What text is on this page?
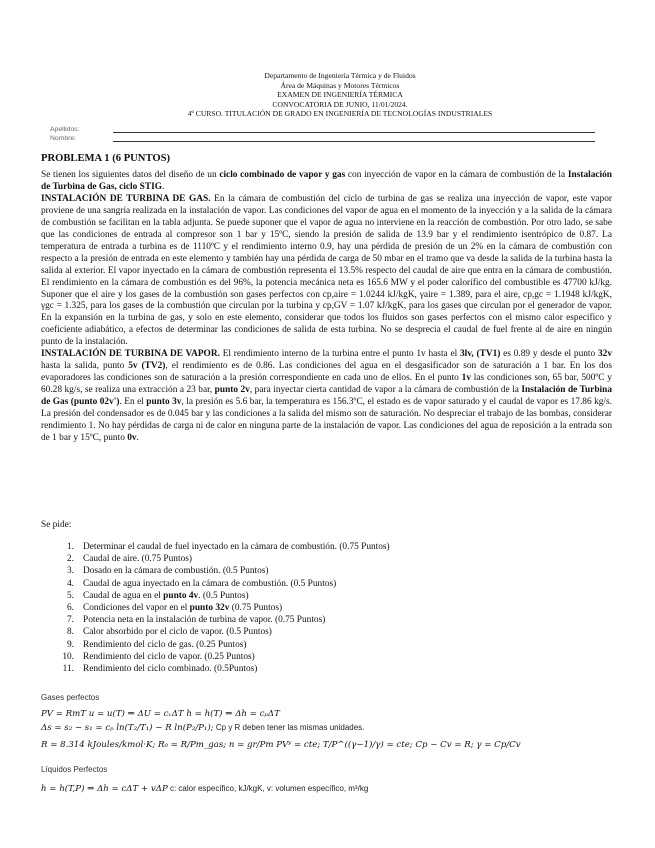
Departamento de Ingeniería Térmica y de Fluidos
Área de Máquinas y Motores Térmicos
EXAMEN DE INGENIERÍA TÉRMICA
CONVOCATORIA DE JUNIO, 11/01/2024.
4º CURSO. TITULACIÓN DE GRADO EN INGENIERÍA DE TECNOLOGÍAS INDUSTRIALES
Apellidos:
Nombre:
PROBLEMA 1 (6 PUNTOS)

Se tienen los siguientes datos del diseño de un ciclo combinado de vapor y gas con inyección de vapor en la cámara de combustión de la Instalación de Turbina de Gas, ciclo STIG.

INSTALACIÓN DE TURBINA DE GAS. En la cámara de combustión del ciclo de turbina de gas se realiza una inyección de vapor, este vapor proviene de una sangría realizada en la instalación de vapor. Las condiciones del vapor de agua en el momento de la inyección y a la salida de la cámara de combustión se facilitan en la tabla adjunta. Se puede suponer que el vapor de agua no interviene en la reacción de combustión. Por otro lado, se sabe que las condiciones de entrada al compresor son 1 bar y 15ºC, siendo la presión de salida de 13.9 bar y el rendimiento isentrópico de 0.87. La temperatura de entrada a turbina es de 1110ºC y el rendimiento interno 0.9, hay una pérdida de presión de un 2% en la cámara de combustión con respecto a la presión de entrada en este elemento y también hay una pérdida de carga de 50 mbar en el tramo que va desde la salida de la turbina hasta la salida al exterior. El vapor inyectado en la cámara de combustión representa el 13.5% respecto del caudal de aire que entra en la cámara de combustión. El rendimiento en la cámara de combustión es del 96%, la potencia mecánica neta es 165.6 MW y el poder calorífico del combustible es 47700 kJ/kg. Suponer que el aire y los gases de la combustión son gases perfectos con cp,aire = 1.0244 kJ/kgK, γaire = 1.389, para el aire, cp,gc = 1.1948 kJ/kgK, γgc = 1.325, para los gases de la combustión que circulan por la turbina y cp,GV = 1.07 kJ/kgK, para los gases que circulan por el generador de vapor. En la expansión en la turbina de gas, y solo en este elemento, considerar que todos los fluidos son gases perfectos con el mismo calor específico y coeficiente adiabático, a efectos de determinar las condiciones de salida de esta turbina. No se desprecia el caudal de fuel frente al de aire en ningún punto de la instalación.

INSTALACIÓN DE TURBINA DE VAPOR. El rendimiento interno de la turbina entre el punto 1v hasta el 3lv, (TV1) es 0.89 y desde el punto 32v hasta la salida, punto 5v (TV2), el rendimiento es de 0.86. Las condiciones del agua en el desgasificador son de saturación a 1 bar. En los dos evaporadores las condiciones son de saturación a la presión correspondiente en cada uno de ellos. En el punto 1v las condiciones son, 65 bar, 500ºC y 60.28 kg/s, se realiza una extracción a 23 bar, punto 2v, para inyectar cierta cantidad de vapor a la cámara de combustión de la Instalación de Turbina de Gas (punto 02v'). En el punto 3v, la presión es 5.6 bar, la temperatura es 156.3ºC, el estado es de vapor saturado y el caudal de vapor es 17.86 kg/s. La presión del condensador es de 0.045 bar y las condiciones a la salida del mismo son de saturación. No despreciar el trabajo de las bombas, considerar rendimiento 1. No hay pérdidas de carga ni de calor en ninguna parte de la instalación de vapor. Las condiciones del agua de reposición a la entrada son de 1 bar y 15ºC, punto 0v.

Se pide:
1. Determinar el caudal de fuel inyectado en la cámara de combustión. (0.75 Puntos)
2. Caudal de aire. (0.75 Puntos)
3. Dosado en la cámara de combustión. (0.5 Puntos)
4. Caudal de agua inyectado en la cámara de combustión. (0.5 Puntos)
5. Caudal de agua en el punto 4v. (0.5 Puntos)
6. Condiciones del vapor en el punto 32v (0.75 Puntos)
7. Potencia neta en la instalación de turbina de vapor. (0.75 Puntos)
8. Calor absorbido por el ciclo de vapor. (0.5 Puntos)
9. Rendimiento del ciclo de gas. (0.25 Puntos)
10. Rendimiento del ciclo de vapor. (0.25 Puntos)
11. Rendimiento del ciclo combinado. (0.5Puntos)
Gases perfectos
PV = RmT u = u(T) ⇒ ΔU = cᵥΔT h = h(T) ⇒ Δh = cₚΔT
Δs = s₂ − s₁ = cₚ ln(T₂/T₁) − R ln(P₂/P₁); Cp y R deben tener las mismas unidades.
R = 8.314 kJoules/kmol·K; R₀ = R/Pm_gas; n = gr/Pm PVʸ = cte; T/P^((γ−1)/γ) = cte; Cp − Cv = R; γ = Cp/Cv
Líquidos Perfectos
h = h(T,P) ⇒ Δh = cΔT + vΔP c: calor específico, kJ/kgK, v: volumen específico, m³/kg
